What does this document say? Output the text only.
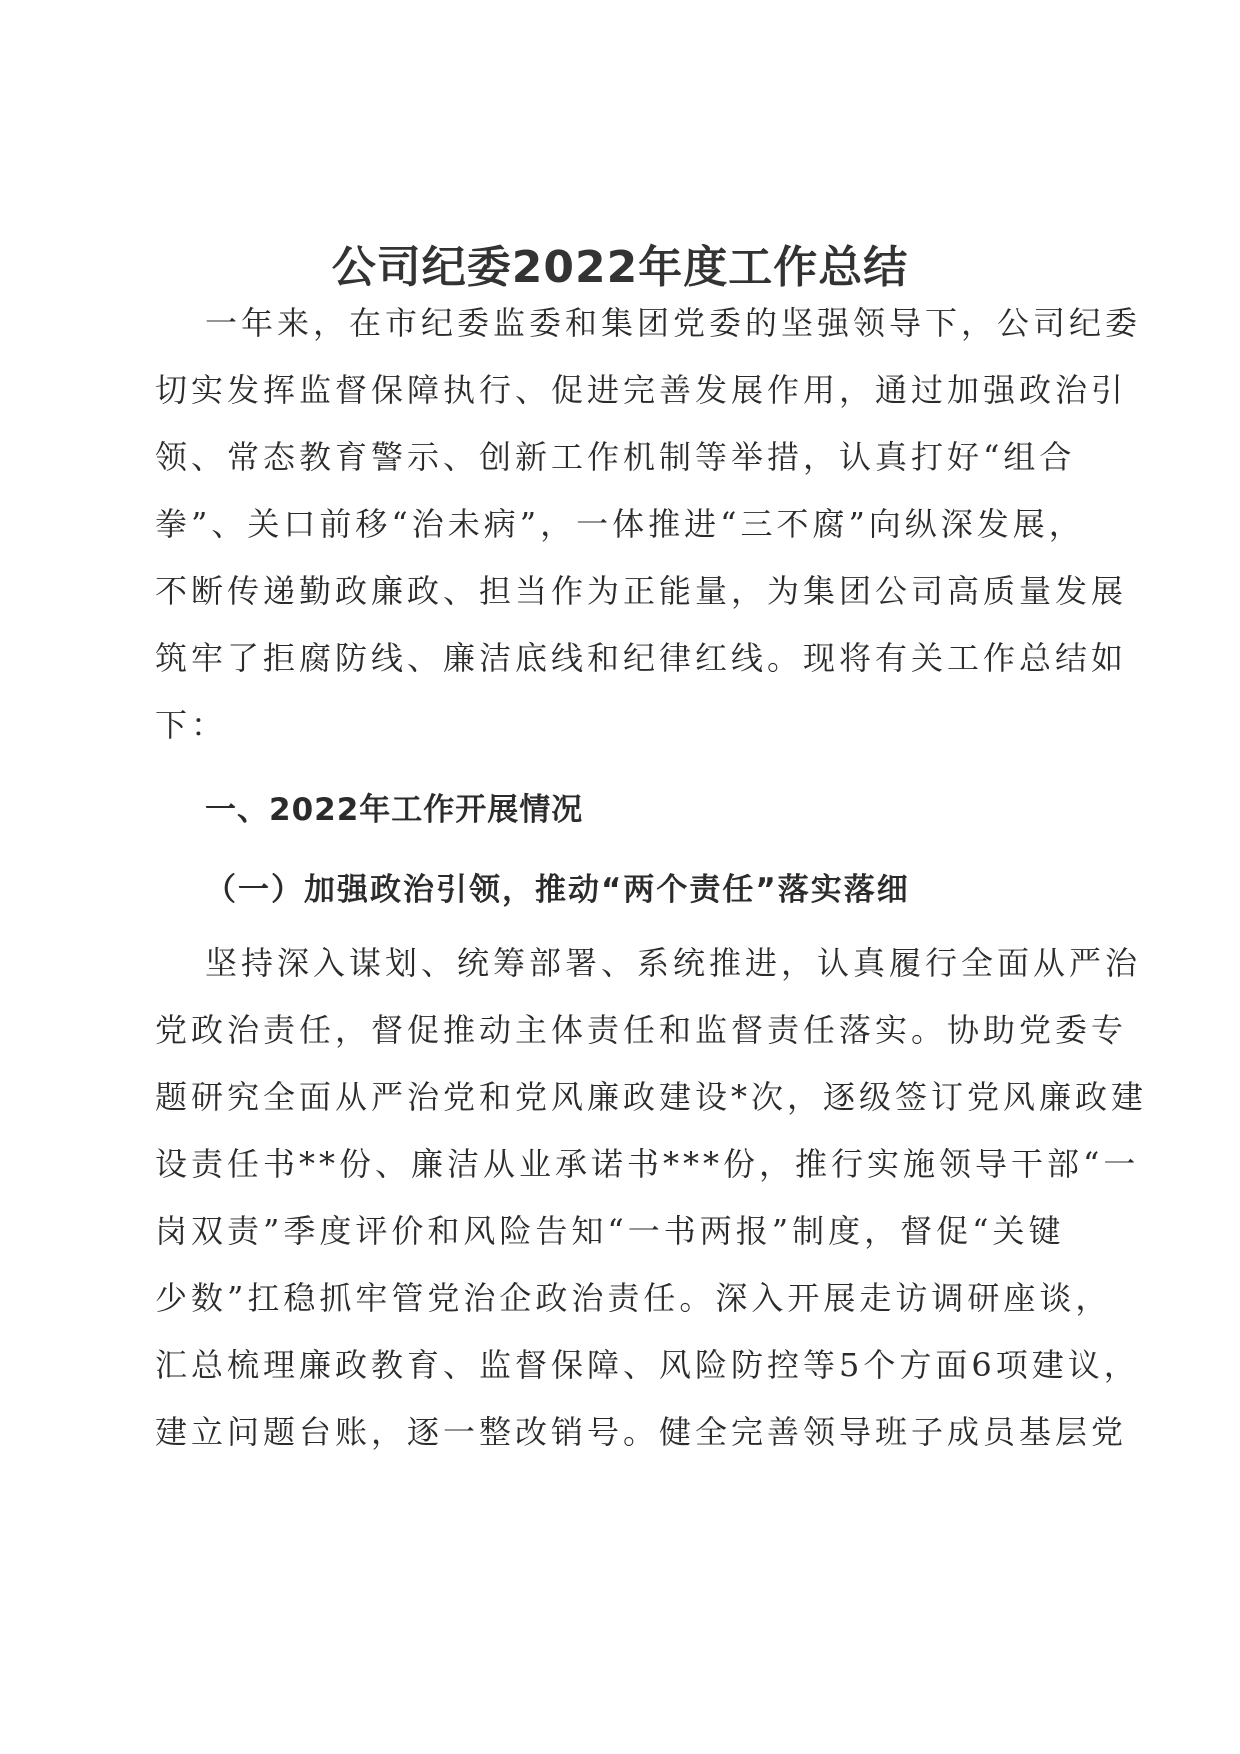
公司纪委2022年度工作总结
一年来，在市纪委监委和集团党委的坚强领导下，公司纪委
切实发挥监督保障执行、促进完善发展作用，通过加强政治引
领、常态教育警示、创新工作机制等举措，认真打好“组合
拳”、关口前移“治未病”，一体推进“三不腐”向纵深发展，
不断传递勤政廉政、担当作为正能量，为集团公司高质量发展
筑牢了拒腐防线、廉洁底线和纪律红线。现将有关工作总结如
下：
一、2022年工作开展情况
（一）加强政治引领，推动“两个责任”落实落细
坚持深入谋划、统筹部署、系统推进，认真履行全面从严治
党政治责任，督促推动主体责任和监督责任落实。协助党委专
题研究全面从严治党和党风廉政建设*次，逐级签订党风廉政建
设责任书**份、廉洁从业承诺书***份，推行实施领导干部“一
岗双责”季度评价和风险告知“一书两报”制度，督促“关键
少数”扛稳抓牢管党治企政治责任。深入开展走访调研座谈，
汇总梳理廉政教育、监督保障、风险防控等5个方面6项建议，
建立问题台账，逐一整改销号。健全完善领导班子成员基层党
